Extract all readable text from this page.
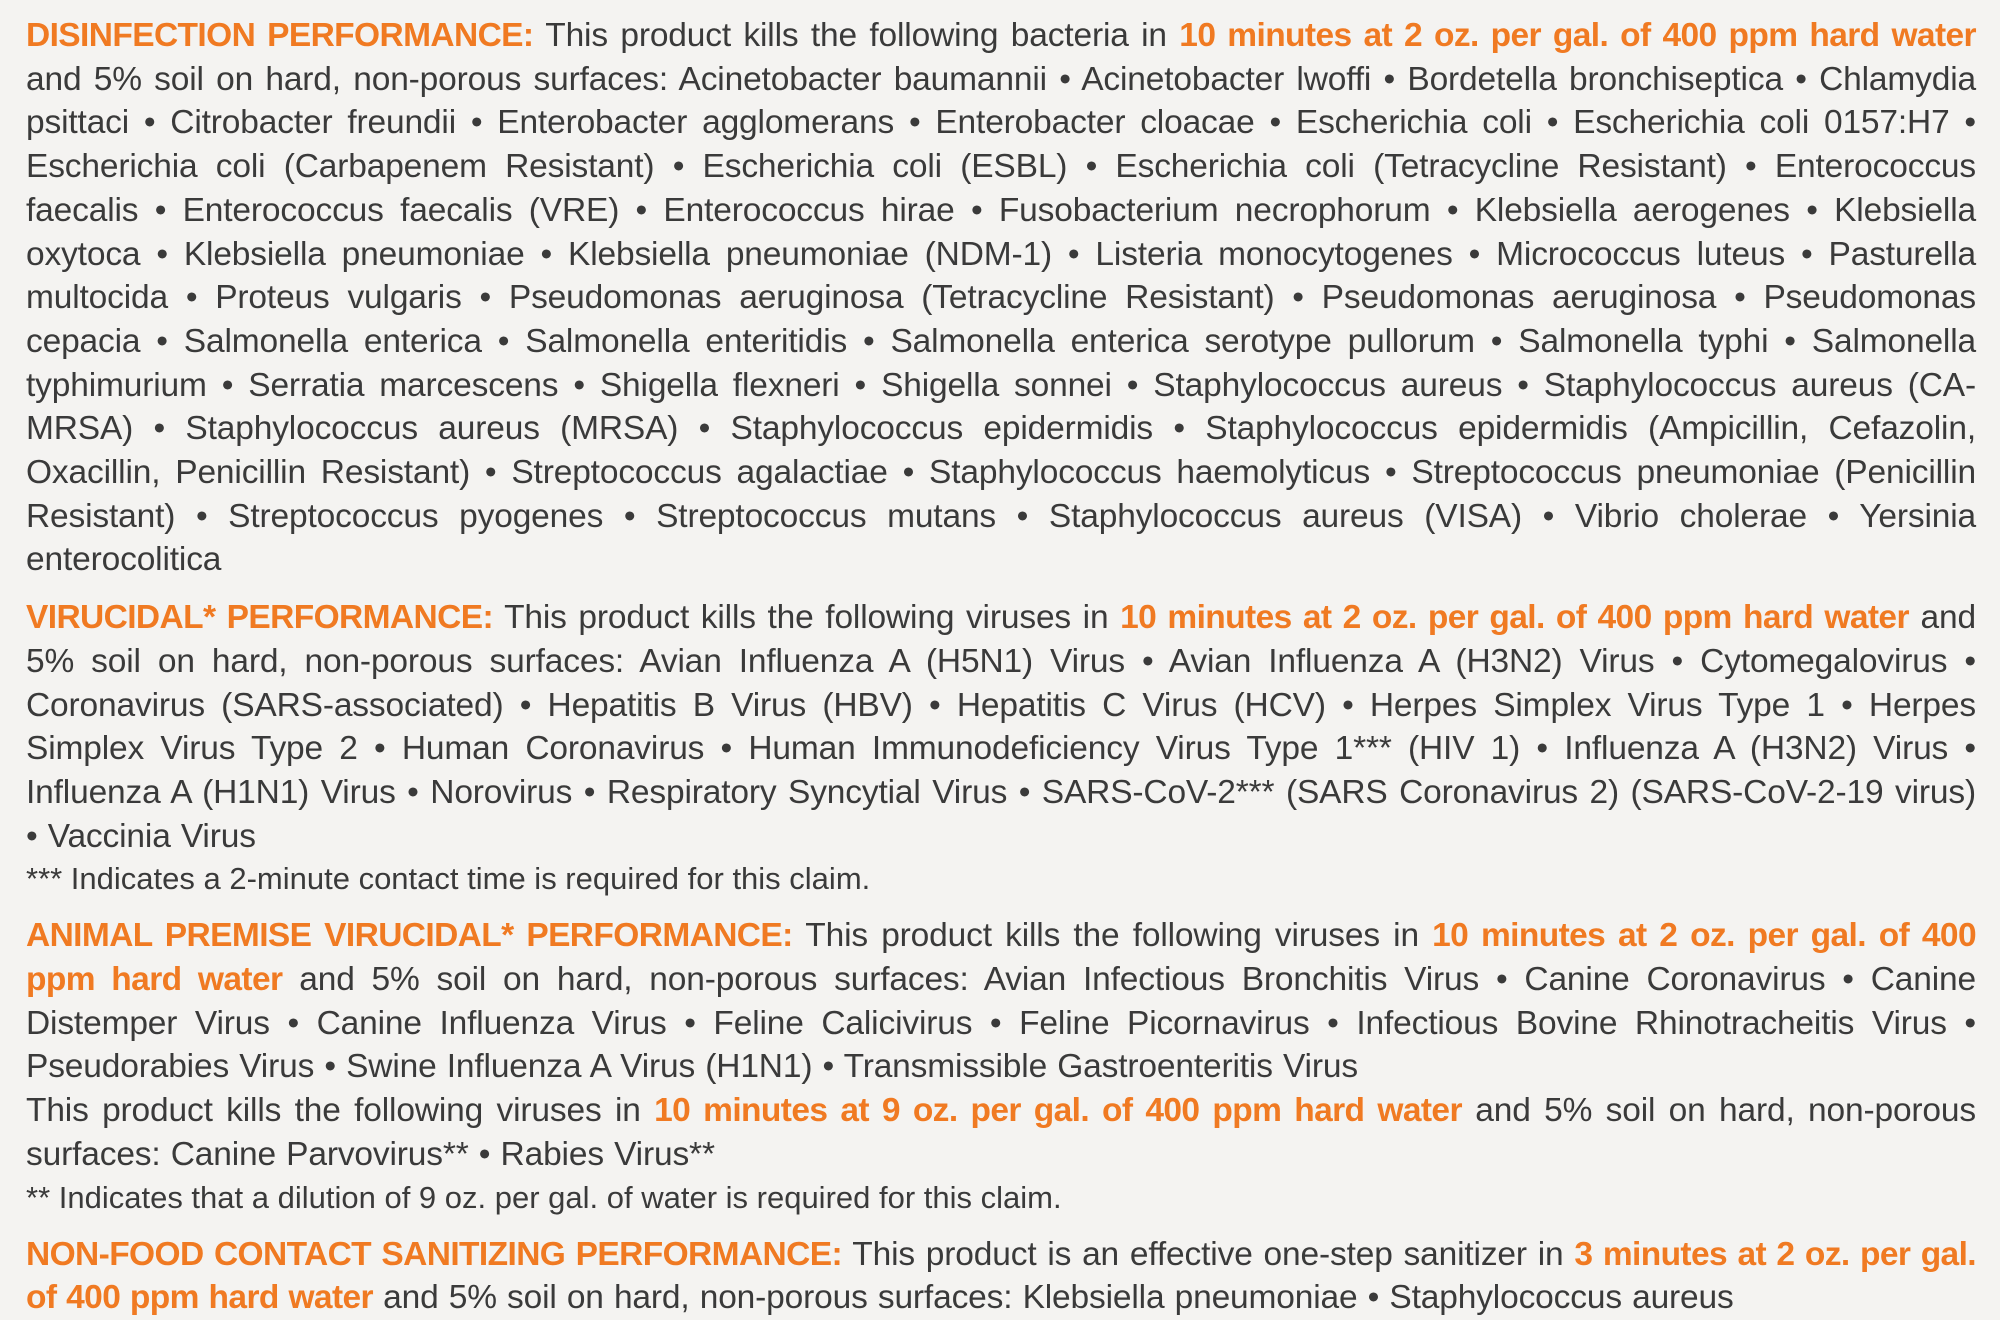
DISINFECTION PERFORMANCE: This product kills the following bacteria in 10 minutes at 2 oz. per gal. of 400 ppm hard water and 5% soil on hard, non-porous surfaces: Acinetobacter baumannii • Acinetobacter lwoffi • Bordetella bronchiseptica • Chlamydia psittaci • Citrobacter freundii • Enterobacter agglomerans • Enterobacter cloacae • Escherichia coli • Escherichia coli 0157:H7 • Escherichia coli (Carbapenem Resistant) • Escherichia coli (ESBL) • Escherichia coli (Tetracycline Resistant) • Enterococcus faecalis • Enterococcus faecalis (VRE) • Enterococcus hirae • Fusobacterium necrophorum • Klebsiella aerogenes • Klebsiella oxytoca • Klebsiella pneumoniae • Klebsiella pneumoniae (NDM-1) • Listeria monocytogenes • Micrococcus luteus • Pasturella multocida • Proteus vulgaris • Pseudomonas aeruginosa (Tetracycline Resistant) • Pseudomonas aeruginosa • Pseudomonas cepacia • Salmonella enterica • Salmonella enteritidis • Salmonella enterica serotype pullorum • Salmonella typhi • Salmonella typhimurium • Serratia marcescens • Shigella flexneri • Shigella sonnei • Staphylococcus aureus • Staphylococcus aureus (CA-MRSA) • Staphylococcus aureus (MRSA) • Staphylococcus epidermidis • Staphylococcus epidermidis (Ampicillin, Cefazolin, Oxacillin, Penicillin Resistant) • Streptococcus agalactiae • Staphylococcus haemolyticus • Streptococcus pneumoniae (Penicillin Resistant) • Streptococcus pyogenes • Streptococcus mutans • Staphylococcus aureus (VISA) • Vibrio cholerae • Yersinia enterocolitica

VIRUCIDAL* PERFORMANCE: This product kills the following viruses in 10 minutes at 2 oz. per gal. of 400 ppm hard water and 5% soil on hard, non-porous surfaces: Avian Influenza A (H5N1) Virus • Avian Influenza A (H3N2) Virus • Cytomegalovirus • Coronavirus (SARS-associated) • Hepatitis B Virus (HBV) • Hepatitis C Virus (HCV) • Herpes Simplex Virus Type 1 • Herpes Simplex Virus Type 2 • Human Coronavirus • Human Immunodeficiency Virus Type 1*** (HIV 1) • Influenza A (H3N2) Virus • Influenza A (H1N1) Virus • Norovirus • Respiratory Syncytial Virus • SARS-CoV-2*** (SARS Coronavirus 2) (SARS-CoV-2-19 virus) • Vaccinia Virus

*** Indicates a 2-minute contact time is required for this claim.

ANIMAL PREMISE VIRUCIDAL* PERFORMANCE: This product kills the following viruses in 10 minutes at 2 oz. per gal. of 400 ppm hard water and 5% soil on hard, non-porous surfaces: Avian Infectious Bronchitis Virus • Canine Coronavirus • Canine Distemper Virus • Canine Influenza Virus • Feline Calicivirus • Feline Picornavirus • Infectious Bovine Rhinotracheitis Virus • Pseudorabies Virus • Swine Influenza A Virus (H1N1) • Transmissible Gastroenteritis Virus

This product kills the following viruses in 10 minutes at 9 oz. per gal. of 400 ppm hard water and 5% soil on hard, non-porous surfaces: Canine Parvovirus** • Rabies Virus**

** Indicates that a dilution of 9 oz. per gal. of water is required for this claim.

NON-FOOD CONTACT SANITIZING PERFORMANCE: This product is an effective one-step sanitizer in 3 minutes at 2 oz. per gal. of 400 ppm hard water and 5% soil on hard, non-porous surfaces: Klebsiella pneumoniae • Staphylococcus aureus
